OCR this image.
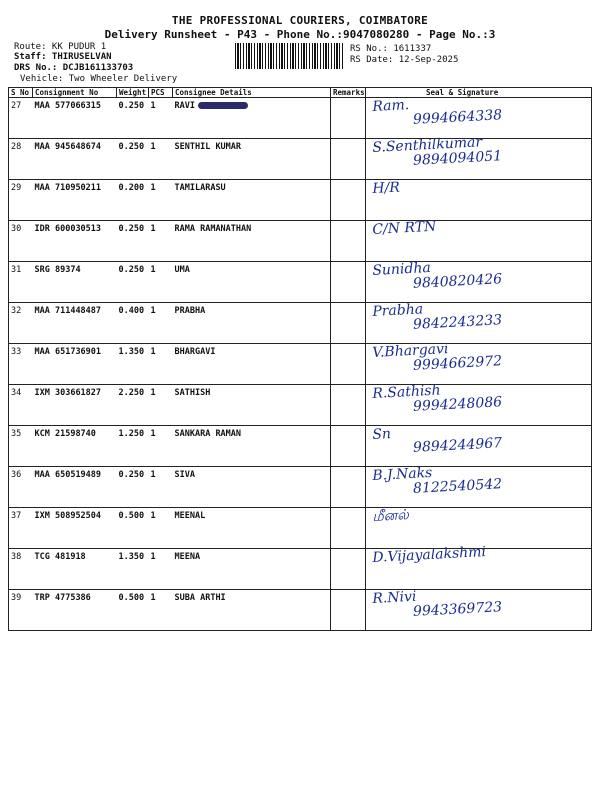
THE PROFESSIONAL COURIERS, COIMBATORE
Delivery Runsheet - P43 - Phone No.:9047080280 - Page No.:3
Route: KK PUDUR 1
Staff: THIRUSELVAN
DRS No.: DCJB161133703
Vehicle: Two Wheeler Delivery
RS No.: 1611337
RS Date: 12-Sep-2025
S No	Consignment No	Weight	PCS	Consignee Details	Remarks	Seal & Signature

27	MAA 577066315	0.250	1	RAVI		Ram.
9994664338

28	MAA 945648674	0.250	1	SENTHIL KUMAR		S.Senthilkumar
9894094051

29	MAA 710950211	0.200	1	TAMILARASU		H/R

30	IDR 600030513	0.250	1	RAMA RAMANATHAN		C/N RTN

31	SRG 89374	0.250	1	UMA		Sunidha
9840820426

32	MAA 711448487	0.400	1	PRABHA		Prabha
9842243233

33	MAA 651736901	1.350	1	BHARGAVI		V.Bhargavi
9994662972

34	IXM 303661827	2.250	1	SATHISH		R.Sathish
9994248086

35	KCM 21598740	1.250	1	SANKARA RAMAN		Sn
9894244967

36	MAA 650519489	0.250	1	SIVA		B.J.Naks
8122540542

37	IXM 508952504	0.500	1	MEENAL		மீனல்

38	TCG 481918	1.350	1	MEENA		D.Vijayalakshmi

39	TRP 4775386	0.500	1	SUBA ARTHI		R.Nivi
9943369723
